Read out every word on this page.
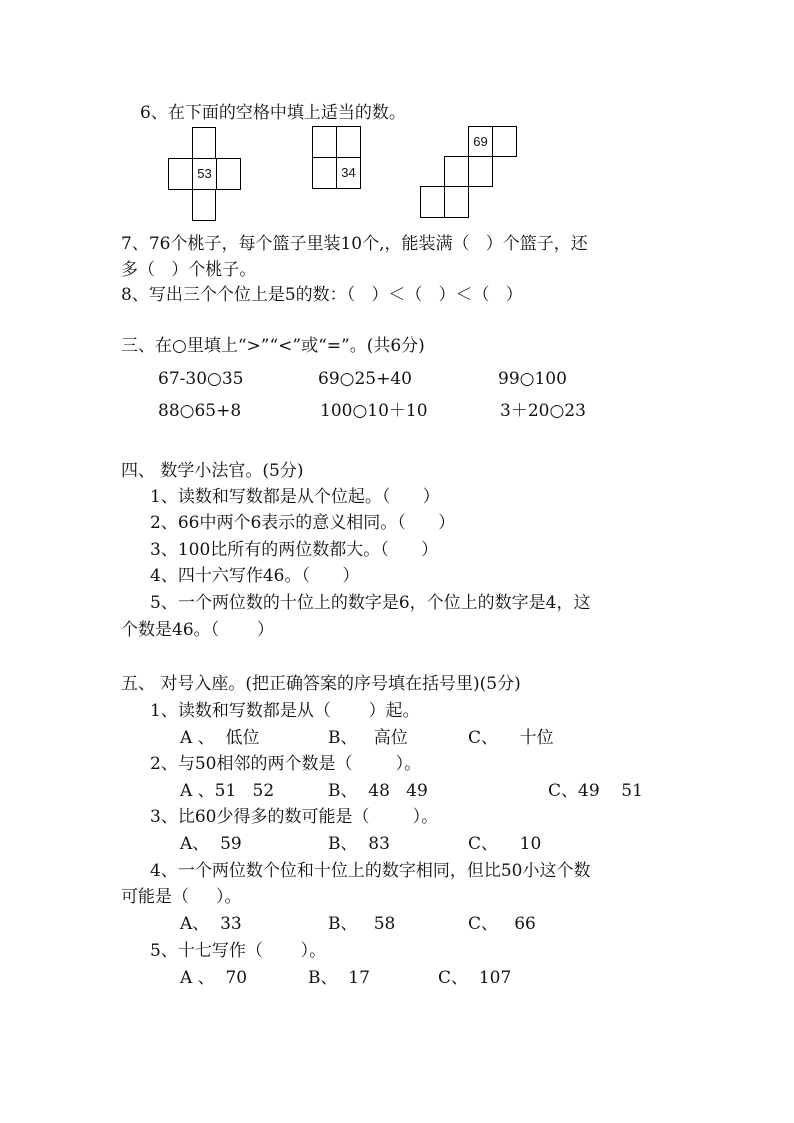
6、在下面的空格中填上适当的数。
53	34
69
7、76个桃子，每个篮子里装10个,，能装满（   ）个篮子，还
多（   ）个桃子。
8、写出三个个位上是5的数：（   ）＜（   ）＜（   ）
三、在○里填上“>”“<”或“=”。(共6分)
67-30○35	69○25+40	99○100
88○65+8	100○10＋10	3＋20○23
四、 数学小法官。(5分)
1、读数和写数都是从个位起。（      ）
2、66中两个6表示的意义相同。（      ）
3、100比所有的两位数都大。（      ）
4、四十六写作46。（      ）
5、一个两位数的十位上的数字是6，个位上的数字是4，这
个数是46。（       ）
五、 对号入座。(把正确答案的序号填在括号里)(5分)
1、读数和写数都是从（       ）起。
A 、  低位	B、   高位	C、    十位
2、与50相邻的两个数是（        ）。
A 、51   52	B、  48   49	C、49    51
3、比60少得多的数可能是（        ）。
A、  59	B、  83	C、    10
4、一个两位数个位和十位上的数字相同，但比50小这个数
可能是（     ）。
A、  33	B、   58	C、   66
5、十七写作（       ）。
A 、  70	B、  17	C、  107
